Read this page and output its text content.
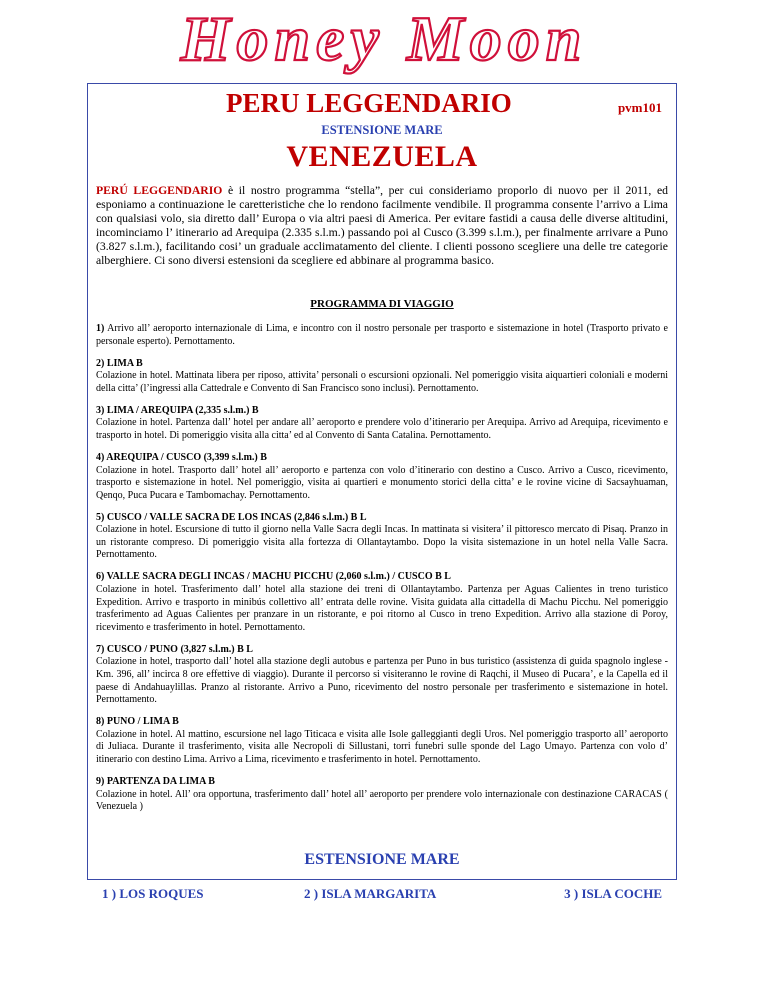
Honey Moon
PERU LEGGENDARIO	pvm101
ESTENSIONE MARE
VENEZUELA

PERÚ LEGGENDARIO è il nostro programma “stella”, per cui consideriamo proporlo di nuovo per il 2011, ed esponiamo a continuazione le caretteristiche che lo rendono facilmente vendibile. Il programma consente l’arrivo a Lima con qualsiasi volo, sia diretto dall’ Europa o via altri paesi di America. Per evitare fastidi a causa delle diverse altitudini, incominciamo l’ itinerario ad Arequipa (2.335 s.l.m.) passando poi al Cusco (3.399 s.l.m.), per finalmente arrivare a Puno (3.827 s.l.m.), facilitando cosi’ un graduale acclimatamento del cliente. I clienti possono scegliere una delle tre categorie alberghiere. Ci sono diversi estensioni da scegliere ed abbinare al programma basico.

PROGRAMMA DI VIAGGIO

1) Arrivo all’ aeroporto internazionale di Lima, e incontro con il nostro personale per trasporto e sistemazione in hotel (Trasporto privato e personale esperto). Pernottamento.

2) LIMA B
Colazione in hotel. Mattinata libera per riposo, attivita’ personali o escursioni opzionali. Nel pomeriggio visita aiquartieri coloniali e moderni della citta’ (l’ingressi alla Cattedrale e Convento di San Francisco sono inclusi). Pernottamento.

3) LIMA / AREQUIPA (2,335 s.l.m.) B
Colazione in hotel. Partenza dall’ hotel per andare all’ aeroporto e prendere volo d’itinerario per Arequipa. Arrivo ad Arequipa, ricevimento e trasporto in hotel. Di pomeriggio visita alla citta’ ed al Convento di Santa Catalina. Pernottamento.

4) AREQUIPA / CUSCO (3,399 s.l.m.) B
Colazione in hotel. Trasporto dall’ hotel all’ aeroporto e partenza con volo d’itinerario con destino a Cusco. Arrivo a Cusco, ricevimento, trasporto e sistemazione in hotel. Nel pomeriggio, visita ai quartieri e monumento storici della citta’ e le rovine vicine di Sacsayhuaman, Qenqo, Puca Pucara e Tambomachay. Pernottamento.

5) CUSCO / VALLE SACRA DE LOS INCAS (2,846 s.l.m.) B L
Colazione in hotel. Escursione di tutto il giorno nella Valle Sacra degli Incas. In mattinata si visitera’ il pittoresco mercato di Pisaq. Pranzo in un ristorante compreso. Di pomeriggio visita alla fortezza di Ollantaytambo. Dopo la visita sistemazione in un hotel nella Valle Sacra. Pernottamento.

6) VALLE SACRA DEGLI INCAS / MACHU PICCHU (2,060 s.l.m.) / CUSCO B L
Colazione in hotel. Trasferimento dall’ hotel alla stazione dei treni di Ollantaytambo. Partenza per Aguas Calientes in treno turistico Expedition. Arrivo e trasporto in minibús collettivo all’ entrata delle rovine. Visita guidata alla cittadella di Machu Picchu. Nel pomeriggio trasferimento ad Aguas Calientes per pranzare in un ristorante, e poi ritorno al Cusco in treno Expedition. Arrivo alla stazione di Poroy, ricevimento e trasferimento in hotel. Pernottamento.

7) CUSCO / PUNO (3,827 s.l.m.) B L
Colazione in hotel, trasporto dall’ hotel alla stazione degli autobus e partenza per Puno in bus turistico (assistenza di guida spagnolo inglese - Km. 396, all’ incirca 8 ore effettive di viaggio). Durante il percorso si visiteranno le rovine di Raqchi, il Museo di Pucara’, e la Capella ed il paese di Andahuaylillas. Pranzo al ristorante. Arrivo a Puno, ricevimento del nostro personale per trasferimento e sistemazione in hotel. Pernottamento.

8) PUNO / LIMA B
Colazione in hotel. Al mattino, escursione nel lago Titicaca e visita alle Isole galleggianti degli Uros. Nel pomeriggio trasporto all’ aeroporto di Juliaca. Durante il trasferimento, visita alle Necropoli di Sillustani, torri funebri sulle sponde del Lago Umayo. Partenza con volo d’ itinerario con destino Lima. Arrivo a Lima, ricevimento e trasferimento in hotel. Pernottamento.

9) PARTENZA DA LIMA B
Colazione in hotel. All’ ora opportuna, trasferimento dall’ hotel all’ aeroporto per prendere volo internazionale con destinazione CARACAS ( Venezuela )

ESTENSIONE MARE
1 ) LOS ROQUES	2 ) ISLA MARGARITA	3 ) ISLA COCHE
